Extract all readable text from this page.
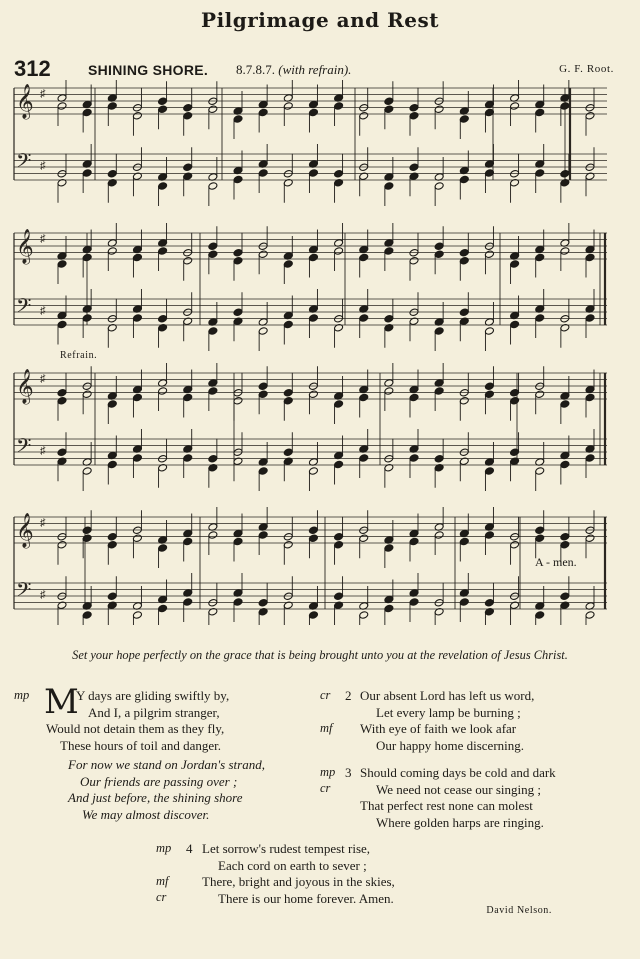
Pilgrimage and Rest
312	SHINING SHORE. 8.7.8.7. (with refrain).	G. F. Root.
𝄞
𝄢
♯
♯
𝄞
𝄢
♯
♯
𝄞
𝄢
♯
♯
𝄞
𝄢
♯
♯
Refrain.
A - men.
Set your hope perfectly on the grace that is being brought unto you at the revelation of Jesus Christ.
mp M
Y days are gliding swiftly by,
And I, a pilgrim stranger,
Would not detain them as they fly,
These hours of toil and danger.
For now we stand on Jordan's strand,
Our friends are passing over ;
And just before, the shining shore
We may almost discover.
cr
mf
2 Our absent Lord has left us word,
Let every lamp be burning ;
With eye of faith we look afar
Our happy home discerning.
mp
cr
3 Should coming days be cold and dark
We need not cease our singing ;
That perfect rest none can molest
Where golden harps are ringing.
mp
mf
cr
4 Let sorrow's rudest tempest rise,
Each cord on earth to sever ;
There, bright and joyous in the skies,
There is our home forever. Amen.
David Nelson.
